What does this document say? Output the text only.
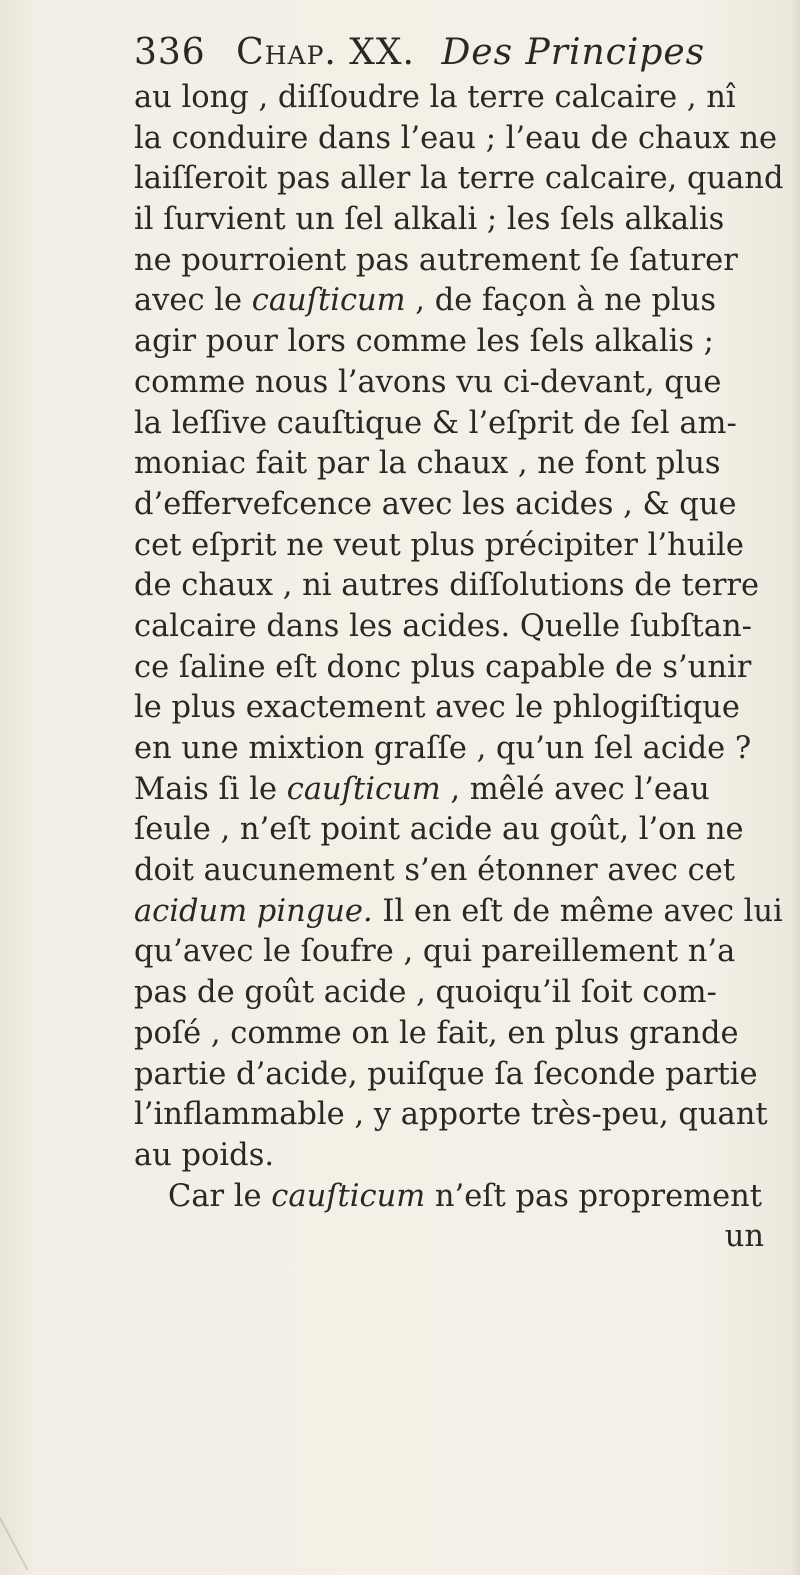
336 Chap. XX. Des Principes
au long , diſſoudre la terre calcaire , nî
la conduire dans l’eau ; l’eau de chaux ne
laiſſeroit pas aller la terre calcaire, quand
il ſurvient un ſel alkali ; les ſels alkalis
ne pourroient pas autrement ſe ſaturer
avec le cauſticum , de façon à ne plus
agir pour lors comme les ſels alkalis ;
comme nous l’avons vu ci-devant, que
la leſſive cauſtique & l’eſprit de ſel am-
moniac fait par la chaux , ne font plus
d’effervefcence avec les acides , & que
cet eſprit ne veut plus précipiter l’huile
de chaux , ni autres diſſolutions de terre
calcaire dans les acides. Quelle ſubſtan-
ce ſaline eſt donc plus capable de s’unir
le plus exactement avec le phlogiſtique
en une mixtion graſſe , qu’un ſel acide ?
Mais ſi le cauſticum , mêlé avec l’eau
ſeule , n’eſt point acide au goût, l’on ne
doit aucunement s’en étonner avec cet
acidum pingue. Il en eſt de même avec lui
qu’avec le ſoufre , qui pareillement n’a
pas de goût acide , quoiqu’il ſoit com-
poſé , comme on le fait, en plus grande
partie d’acide, puiſque ſa ſeconde partie
l’inflammable , y apporte très-peu, quant
au poids.
Car le cauſticum n’eſt pas proprement
un
